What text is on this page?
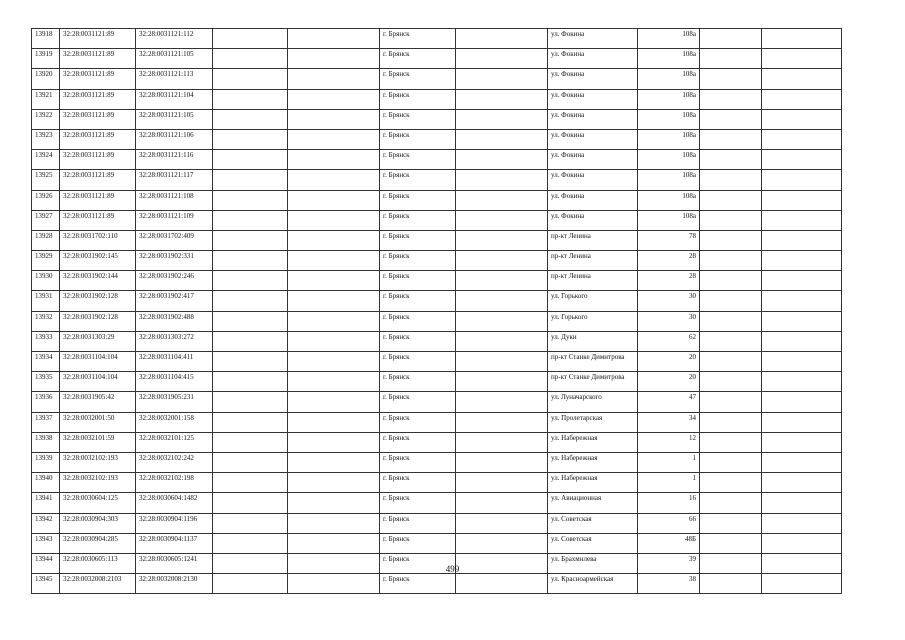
13918	32:28:0031121:89	32:28:0031121:112			г. Брянск		ул. Фокина	108а		
13919	32:28:0031121:89	32:28:0031121:105			г. Брянск		ул. Фокина	108а		
13920	32:28:0031121:89	32:28:0031121:113			г. Брянск		ул. Фокина	108а		
13921	32:28:0031121:89	32:28:0031121:104			г. Брянск		ул. Фокина	108а		
13922	32:28:0031121:89	32:28:0031121:105			г. Брянск		ул. Фокина	108а		
13923	32:28:0031121:89	32:28:0031121:106			г. Брянск		ул. Фокина	108а		
13924	32:28:0031121:89	32:28:0031121:116			г. Брянск		ул. Фокина	108а		
13925	32:28:0031121:89	32:28:0031121:117			г. Брянск		ул. Фокина	108а		
13926	32:28:0031121:89	32:28:0031121:108			г. Брянск		ул. Фокина	108а		
13927	32:28:0031121:89	32:28:0031121:109			г. Брянск		ул. Фокина	108а		
13928	32:28:0031702:110	32:28:0031702:409			г. Брянск		пр-кт Ленина	78		
13929	32:28:0031902:145	32:28:0031902:331			г. Брянск		пр-кт Ленина	28		
13930	32:28:0031902:144	32:28:0031902:246			г. Брянск		пр-кт Ленина	28		
13931	32:28:0031902:128	32:28:0031902:417			г. Брянск		ул. Горького	30		
13932	32:28:0031902:128	32:28:0031902:488			г. Брянск		ул. Горького	30		
13933	32:28:0031303:29	32:28:0031303:272			г. Брянск		ул. Дуки	62		
13934	32:28:0031104:104	32:28:0031104:411			г. Брянск		пр-кт Станке Димитрова	20		
13935	32:28:0031104:104	32:28:0031104:415			г. Брянск		пр-кт Станке Димитрова	20		
13936	32:28:0031905:42	32:28:0031905:231			г. Брянск		ул. Луначарского	47		
13937	32:28:0032001:50	32:28:0032001:158			г. Брянск		ул. Пролетарская	34		
13938	32:28:0032101:59	32:28:0032101:125			г. Брянск		ул. Набережная	12		
13939	32:28:0032102:193	32:28:0032102:242			г. Брянск		ул. Набережная	1		
13940	32:28:0032102:193	32:28:0032102:198			г. Брянск		ул. Набережная	1		
13941	32:28:0030604:125	32:28:0030604:1482			г. Брянск		ул. Авиационная	16		
13942	32:28:0030904:303	32:28:0030904:1196			г. Брянск		ул. Советская	66		
13943	32:28:0030904:285	32:28:0030904:1137			г. Брянск		ул. Советская	48Б		
13944	32:28:0030605:113	32:28:0030605:1241			г. Брянск		ул. Брахмнлева	39		
13945	32:28:0032008:2103	32:28:0032008:2130			г. Брянск		ул. Красноармейская	38		
499
